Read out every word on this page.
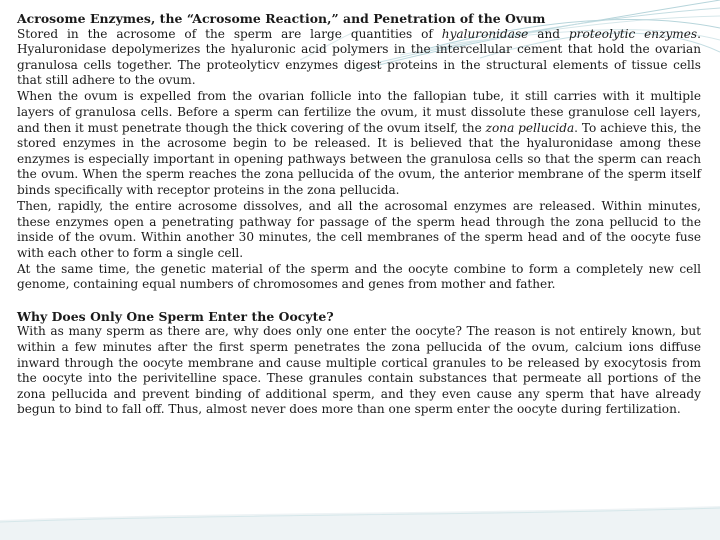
Acrosome Enzymes, the “Acrosome Reaction,” and Penetration of the Ovum

Stored in the acrosome of the sperm are large quantities of hyaluronidase and proteolytic enzymes. Hyaluronidase depolymerizes the hyaluronic acid polymers in the intercellular cement that hold the ovarian granulosa cells together. The proteolyticv enzymes digest proteins in the structural elements of tissue cells that still adhere to the ovum.

When the ovum is expelled from the ovarian follicle into the fallopian tube, it still carries with it multiple layers of granulosa cells. Before a sperm can fertilize the ovum, it must dissolute these granulose cell layers, and then it must penetrate though the thick covering of the ovum itself, the zona pellucida. To achieve this, the stored enzymes in the acrosome begin to be released. It is believed that the hyaluronidase among these enzymes is especially important in opening pathways between the granulosa cells so that the sperm can reach the ovum. When the sperm reaches the zona pellucida of the ovum, the anterior membrane of the sperm itself binds specifically with receptor proteins in the zona pellucida.

Then, rapidly, the entire acrosome dissolves, and all the acrosomal enzymes are released. Within minutes, these enzymes open a penetrating pathway for passage of the sperm head through the zona pellucid to the inside of the ovum. Within another 30 minutes, the cell membranes of the sperm head and of the oocyte fuse with each other to form a single cell.

At the same time, the genetic material of the sperm and the oocyte combine to form a completely new cell genome, containing equal numbers of chromosomes and genes from mother and father.

Why Does Only One Sperm Enter the Oocyte?

With as many sperm as there are, why does only one enter the oocyte? The reason is not entirely known, but within a few minutes after the first sperm penetrates the zona pellucida of the ovum, calcium ions diffuse inward through the oocyte membrane and cause multiple cortical granules to be released by exocytosis from the oocyte into the perivitelline space. These granules contain substances that permeate all portions of the zona pellucida and prevent binding of additional sperm, and they even cause any sperm that have already begun to bind to fall off. Thus, almost never does more than one sperm enter the oocyte during fertilization.
